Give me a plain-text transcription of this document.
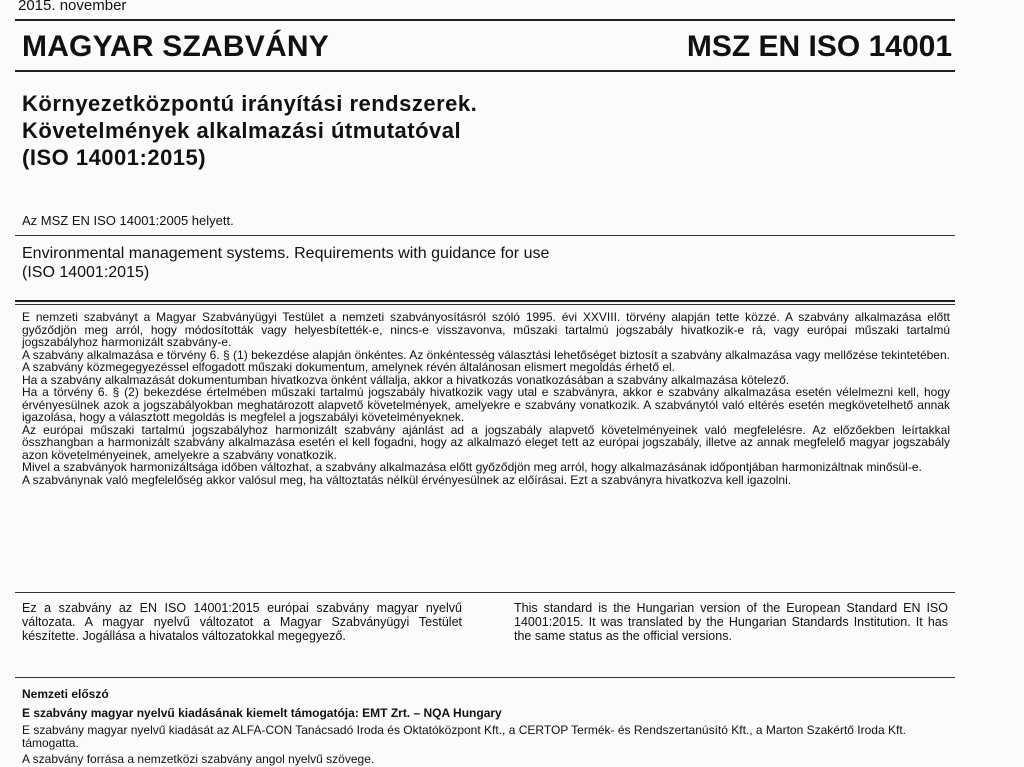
2015. november
MAGYAR SZABVÁNY	MSZ EN ISO 14001
Környezetközpontú irányítási rendszerek.
Követelmények alkalmazási útmutatóval
(ISO 14001:2015)
Az MSZ EN ISO 14001:2005 helyett.
Environmental management systems. Requirements with guidance for use
(ISO 14001:2015)

E nemzeti szabványt a Magyar Szabványügyi Testület a nemzeti szabványosításról szóló 1995. évi XXVIII. törvény alapján tette közzé. A szabvány alkalmazása előtt győződjön meg arról, hogy módosították vagy helyesbítették-e, nincs-e visszavonva, műszaki tartalmú jogszabály hivatkozik-e rá, vagy európai műszaki tartalmú jogszabályhoz harmonizált szabvány-e.

A szabvány alkalmazása e törvény 6. § (1) bekezdése alapján önkéntes. Az önkéntesség választási lehetőséget biztosít a szabvány alkalmazása vagy mellőzése tekintetében. A szabvány közmegegyezéssel elfogadott műszaki dokumentum, amelynek révén általánosan elismert megoldás érhető el.

Ha a szabvány alkalmazását dokumentumban hivatkozva önként vállalja, akkor a hivatkozás vonatkozásában a szabvány alkalmazása kötelező.

Ha a törvény 6. § (2) bekezdése értelmében műszaki tartalmú jogszabály hivatkozik vagy utal e szabványra, akkor e szabvány alkalmazása esetén vélelmezni kell, hogy érvényesülnek azok a jogszabályokban meghatározott alapvető követelmények, amelyekre e szabvány vonatkozik. A szabványtól való eltérés esetén megkövetelhető annak igazolása, hogy a választott megoldás is megfelel a jogszabályi követelményeknek.

Az európai műszaki tartalmú jogszabályhoz harmonizált szabvány ajánlást ad a jogszabály alapvető követelményeinek való megfelelésre. Az előzőekben leírtakkal összhangban a harmonizált szabvány alkalmazása esetén el kell fogadni, hogy az alkalmazó eleget tett az európai jogszabály, illetve az annak megfelelő magyar jogszabály azon követelményeinek, amelyekre a szabvány vonatkozik.

Mivel a szabványok harmonizáltsága időben változhat, a szabvány alkalmazása előtt győződjön meg arról, hogy alkalmazásának időpontjában harmonizáltnak minősül-e.

A szabványnak való megfelelőség akkor valósul meg, ha változtatás nélkül érvényesülnek az előírásai. Ezt a szabványra hivatkozva kell igazolni.

Ez a szabvány az EN ISO 14001:2015 európai szabvány magyar nyelvű változata. A magyar nyelvű változatot a Magyar Szabványügyi Testület készítette. Jogállása a hivatalos változatokkal megegyező.
This standard is the Hungarian version of the European Standard EN ISO 14001:2015. It was translated by the Hungarian Standards Institution. It has the same status as the official versions.

Nemzeti előszó

E szabvány magyar nyelvű kiadásának kiemelt támogatója: EMT Zrt. – NQA Hungary

E szabvány magyar nyelvű kiadását az ALFA-CON Tanácsadó Iroda és Oktatóközpont Kft., a CERTOP Termék- és Rendszertanúsító Kft., a Marton Szakértő Iroda Kft. támogatta.

A szabvány forrása a nemzetközi szabvány angol nyelvű szövege.
